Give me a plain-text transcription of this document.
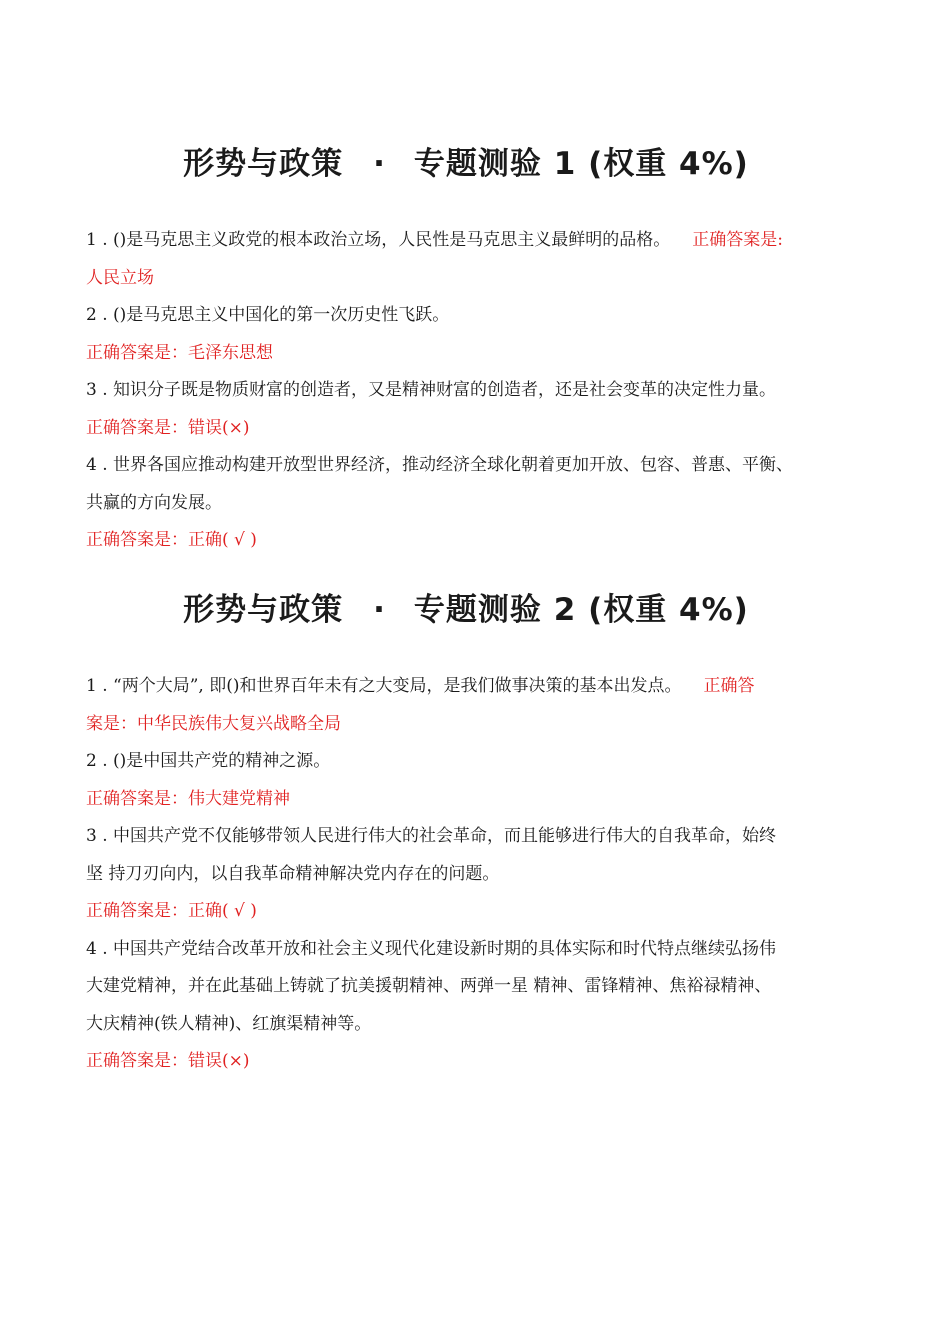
形势与政策 · 专题测验 1 (权重 4%)
1 . ()是马克思主义政党的根本政治立场，人民性是马克思主义最鲜明的品格。 正确答案是:
人民立场
2 . ()是马克思主义中国化的第一次历史性飞跃。
正确答案是：毛泽东思想
3 . 知识分子既是物质财富的创造者，又是精神财富的创造者，还是社会变革的决定性力量。
正确答案是：错误(×)
4 . 世界各国应推动构建开放型世界经济，推动经济全球化朝着更加开放、包容、普惠、平衡、
共赢的方向发展。
正确答案是：正确( √ )
形势与政策 · 专题测验 2 (权重 4%)
1 . “两个大局”, 即()和世界百年未有之大变局，是我们做事决策的基本出发点。 正确答
案是：中华民族伟大复兴战略全局
2 . ()是中国共产党的精神之源。
正确答案是：伟大建党精神
3 . 中国共产党不仅能够带领人民进行伟大的社会革命，而且能够进行伟大的自我革命，始终
坚 持刀刃向内，以自我革命精神解决党内存在的问题。
正确答案是：正确( √ )
4 . 中国共产党结合改革开放和社会主义现代化建设新时期的具体实际和时代特点继续弘扬伟
大建党精神，并在此基础上铸就了抗美援朝精神、两弹一星 精神、雷锋精神、焦裕禄精神、
大庆精神(铁人精神)、红旗渠精神等。
正确答案是：错误(×)
